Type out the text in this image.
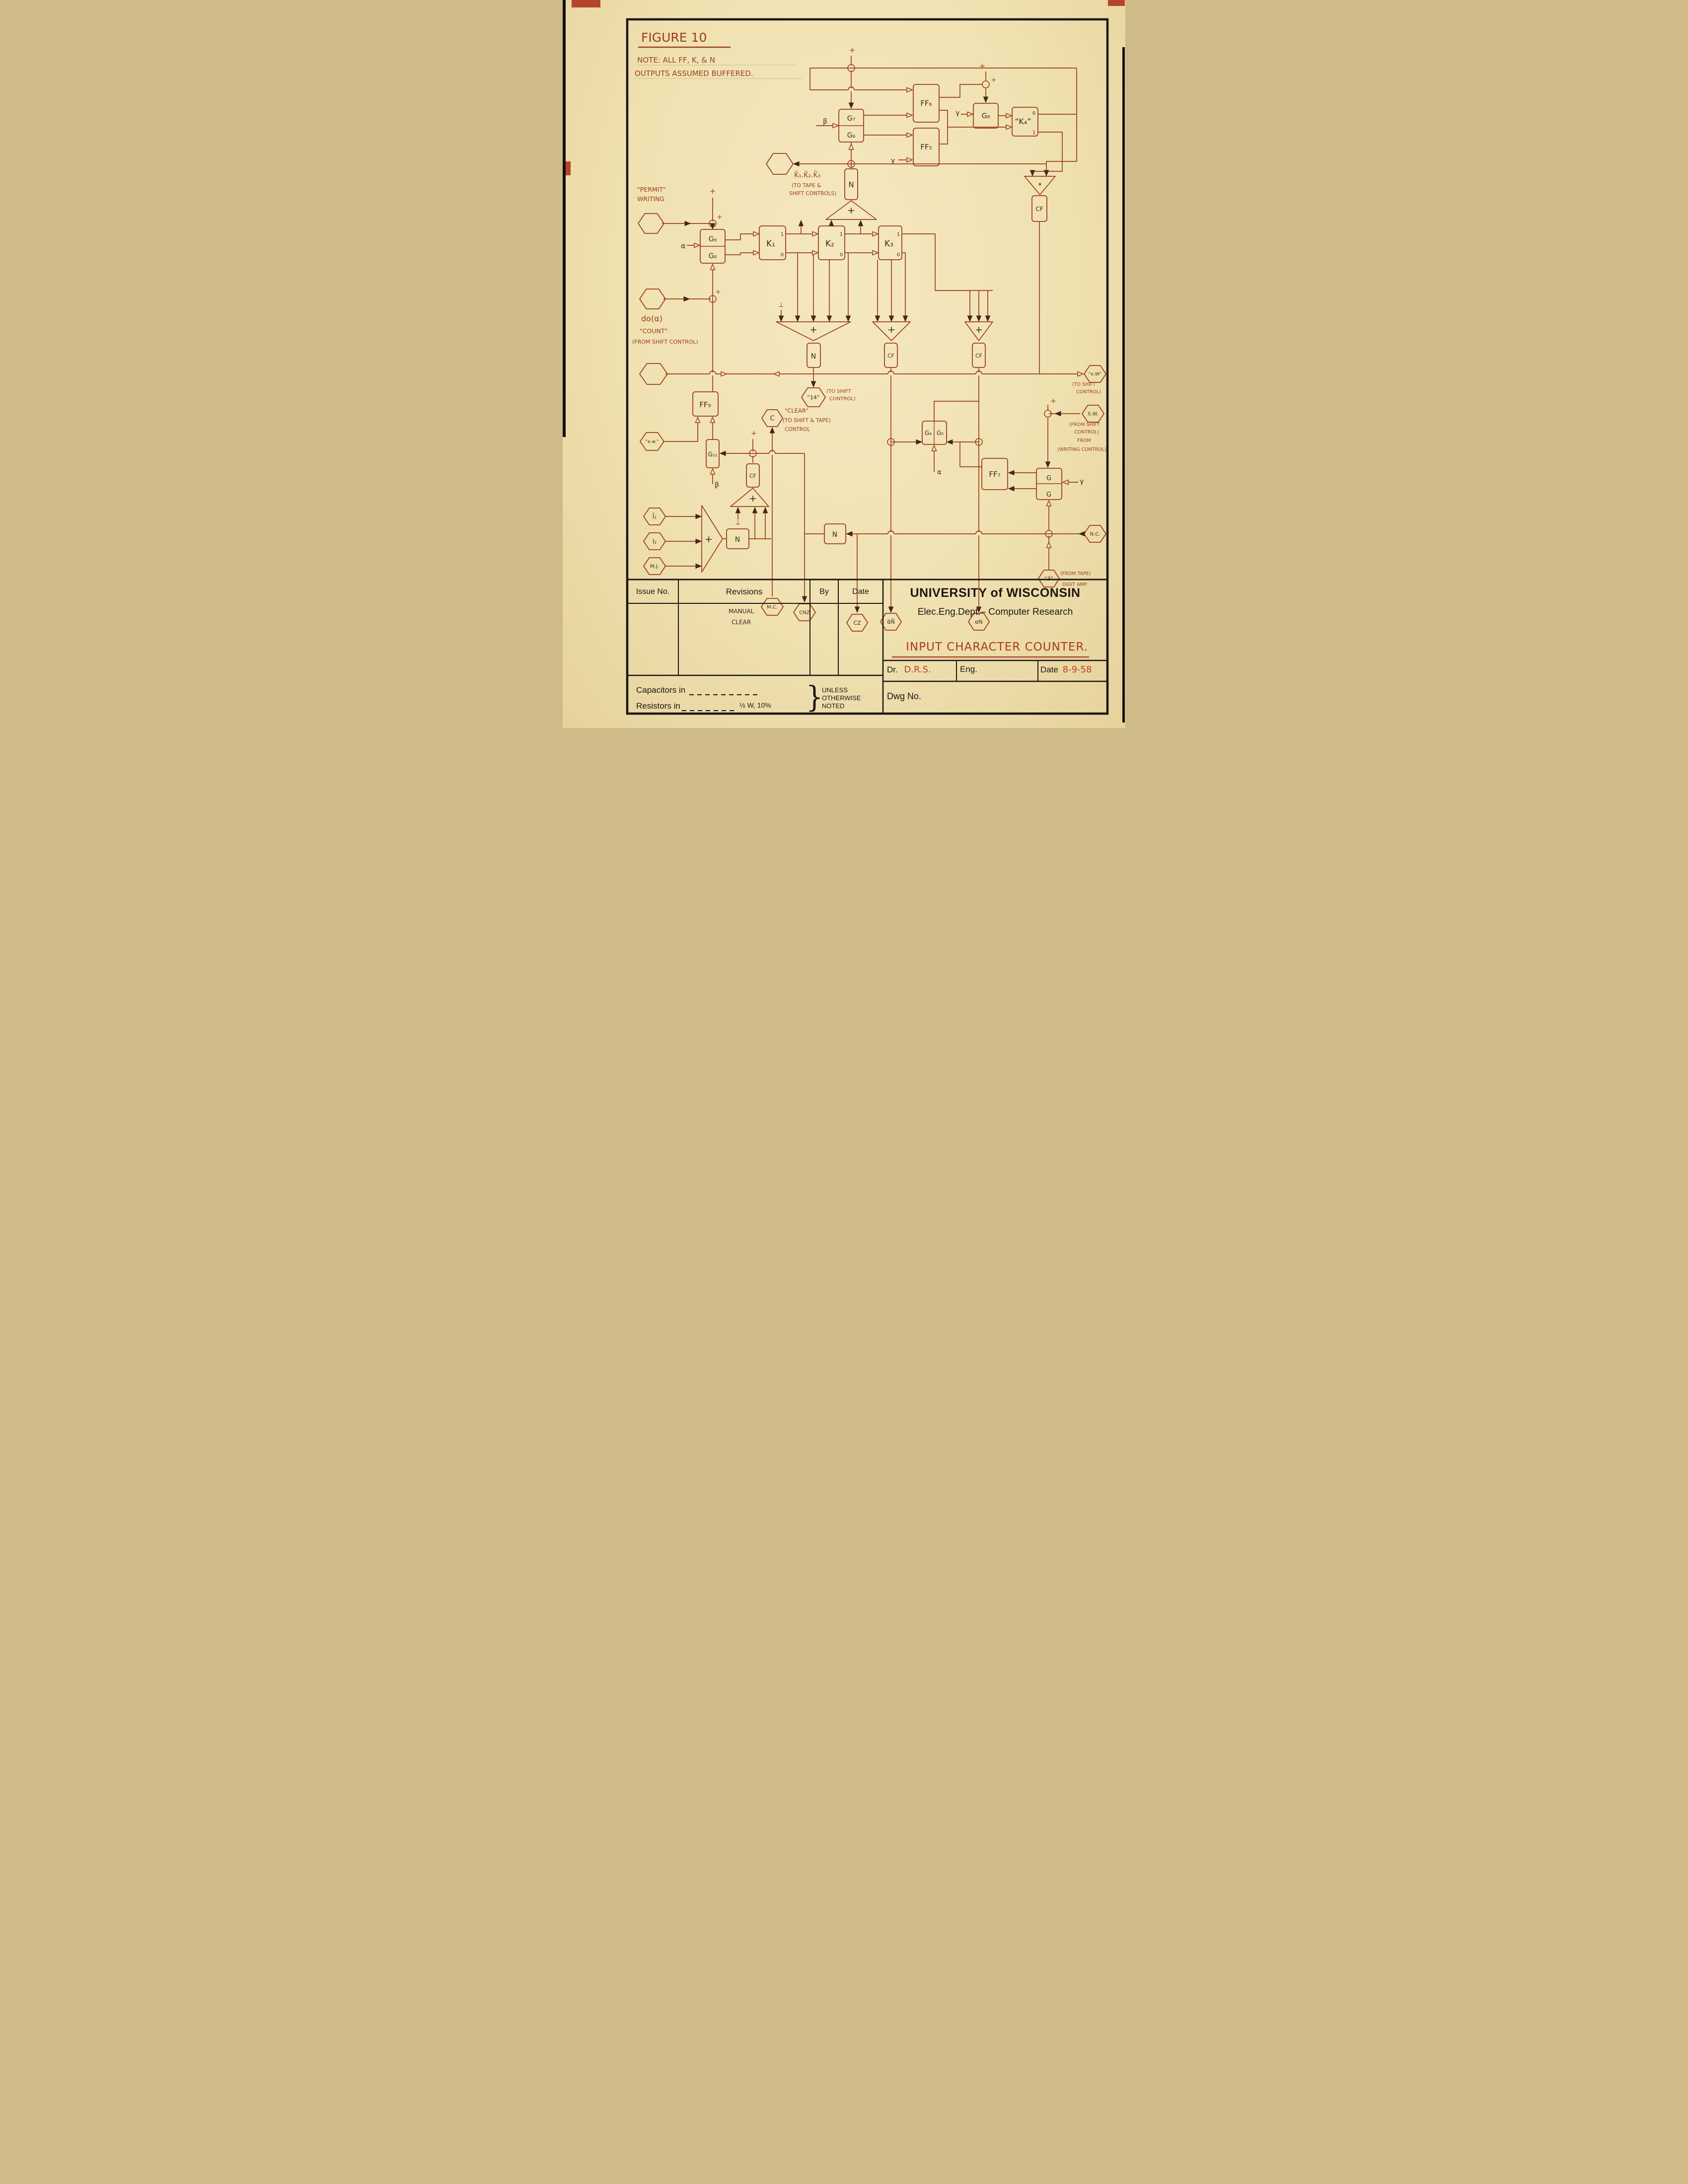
+
+	+	+
+
+
G₇
G₆
FF₆
FF₅
G₈
“K₄”
0
1
CF
G₉
G₈
K₁
1
0
K₂
1
0
K₃
1
0
N
N	CF	CF
FF₉
G₁₁
CF
N
G₄ G₅
FF₇	G
G
N
“14”
C
“e.w.”
Ī₁
I₂
M.J.
M.C.
CNZ
CZ	α̅N̅	αN
“3”
N.C.
S.W.
“e.W”
FIGURE 10
NOTE: ALL FF, K, & N
OUTPUTS ASSUMED BUFFERED.
"PERMIT"
WRITING
do(α)
"COUNT"
(FROM SHIFT CONTROL)
K̄₁.K̄₂.K̄₃
(TO TAPE &
SHIFT CONTROLS)
(TO SHIFT
CONTROL)
"CLEAR"
(TO SHIFT & TAPE)
CONTROL
MANUAL
CLEAR
(FROM SHIFT
CONTROL)
(TO SHIFT
CONTROL)
FROM
(WRITING CONTROL)
(FROM TAPE)
DIGIT AMP.
β
γ
γ
α
β
α
γ
⊥
⊥
+
+
+
+
+
+
+
+
Issue No.	Revisions	By	Date	UNIVERSITY of WISCONSIN
Elec.Eng.Dept.– Computer Research
INPUT CHARACTER COUNTER.
Dr. D.R.S.	Eng.	Date 8-9-58
Dwg No.
Capacitors in
Resistors in	½ W, 10% }
UNLESS
OTHERWISE
NOTED
